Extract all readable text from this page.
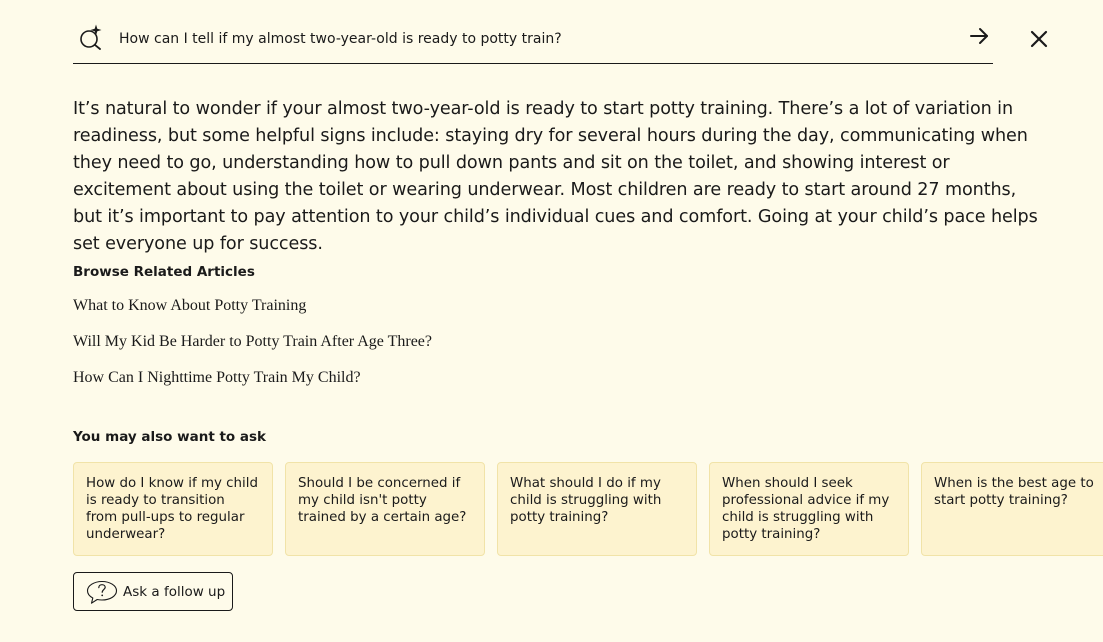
How can I tell if my almost two-year-old is ready to potty train?

It’s natural to wonder if your almost two-year-old is ready to start potty training. There’s a lot of variation in readiness, but some helpful signs include: staying dry for several hours during the day, communicating when they need to go, understanding how to pull down pants and sit on the toilet, and showing interest or excitement about using the toilet or wearing underwear. Most children are ready to start around 27 months, but it’s important to pay attention to your child’s individual cues and comfort. Going at your child’s pace helps set everyone up for success.

Browse Related Articles
What to Know About Potty Training
Will My Kid Be Harder to Potty Train After Age Three?
How Can I Nighttime Potty Train My Child?
You may also want to ask
How do I know if my child is ready to transition from pull-ups to regular underwear?
Should I be concerned if my child isn't potty trained by a certain age?
What should I do if my child is struggling with potty training?
When should I seek professional advice if my child is struggling with potty training?
When is the best age to start potty training?
Ask a follow up
